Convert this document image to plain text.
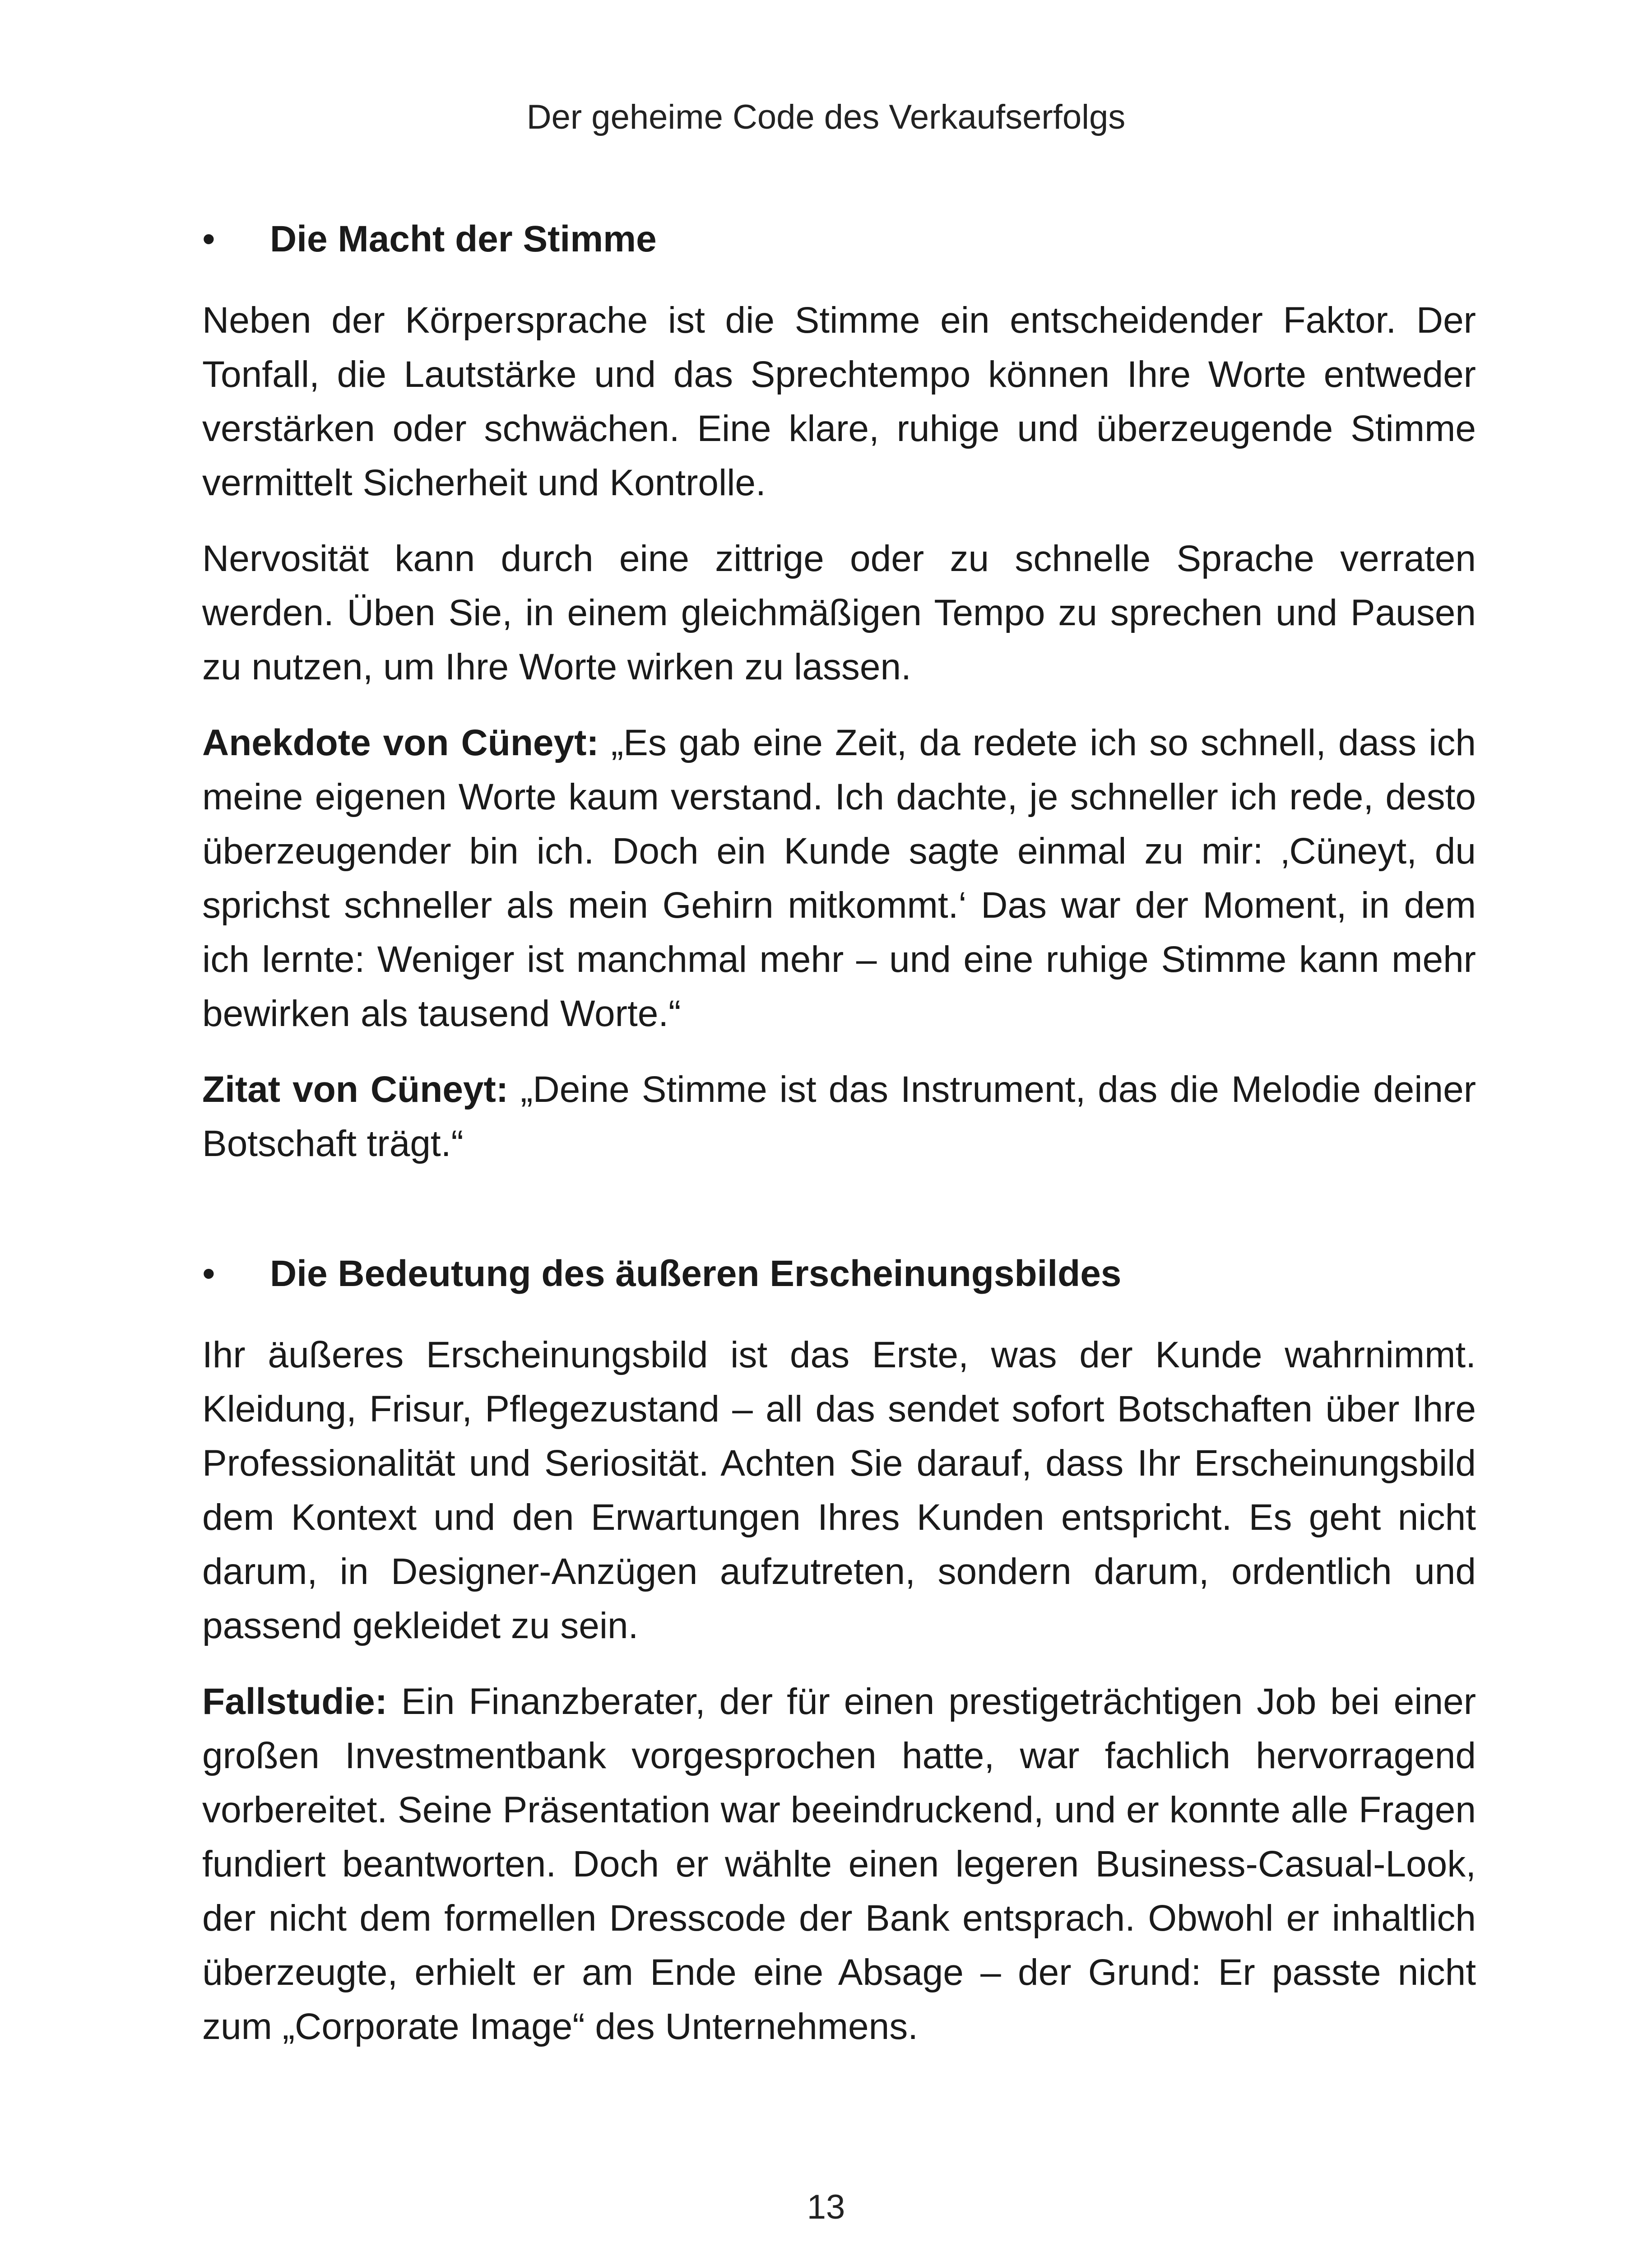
Der geheime Code des Verkaufserfolgs
• Die Macht der Stimme

Neben der Körpersprache ist die Stimme ein entscheidender Faktor. Der Tonfall, die Lautstärke und das Sprechtempo können Ihre Worte entweder verstärken oder schwächen. Eine klare, ruhige und überzeugende Stimme vermittelt Sicherheit und Kontrolle.

Nervosität kann durch eine zittrige oder zu schnelle Sprache verraten werden. Üben Sie, in einem gleichmäßigen Tempo zu sprechen und Pausen zu nutzen, um Ihre Worte wirken zu lassen.

Anekdote von Cüneyt: „Es gab eine Zeit, da redete ich so schnell, dass ich meine eigenen Worte kaum verstand. Ich dachte, je schneller ich rede, desto überzeugender bin ich. Doch ein Kunde sagte einmal zu mir: ‚Cüneyt, du sprichst schneller als mein Gehirn mitkommt.‘ Das war der Moment, in dem ich lernte: Weniger ist manchmal mehr – und eine ruhige Stimme kann mehr bewirken als tausend Worte.“

Zitat von Cüneyt: „Deine Stimme ist das Instrument, das die Melodie deiner Botschaft trägt.“

• Die Bedeutung des äußeren Erscheinungsbildes

Ihr äußeres Erscheinungsbild ist das Erste, was der Kunde wahrnimmt. Kleidung, Frisur, Pflegezustand – all das sendet sofort Botschaften über Ihre Professionalität und Seriosität. Achten Sie darauf, dass Ihr Erscheinungsbild dem Kontext und den Erwartungen Ihres Kunden entspricht. Es geht nicht darum, in Designer-Anzügen aufzutreten, sondern darum, ordentlich und passend gekleidet zu sein.

Fallstudie: Ein Finanzberater, der für einen prestigeträchtigen Job bei einer großen Investmentbank vorgesprochen hatte, war fachlich hervorragend vorbereitet. Seine Präsentation war beeindruckend, und er konnte alle Fragen fundiert beantworten. Doch er wählte einen legeren Business-Casual-Look, der nicht dem formellen Dresscode der Bank entsprach. Obwohl er inhaltlich überzeugte, erhielt er am Ende eine Absage – der Grund: Er passte nicht zum „Corporate Image“ des Unternehmens.

13
